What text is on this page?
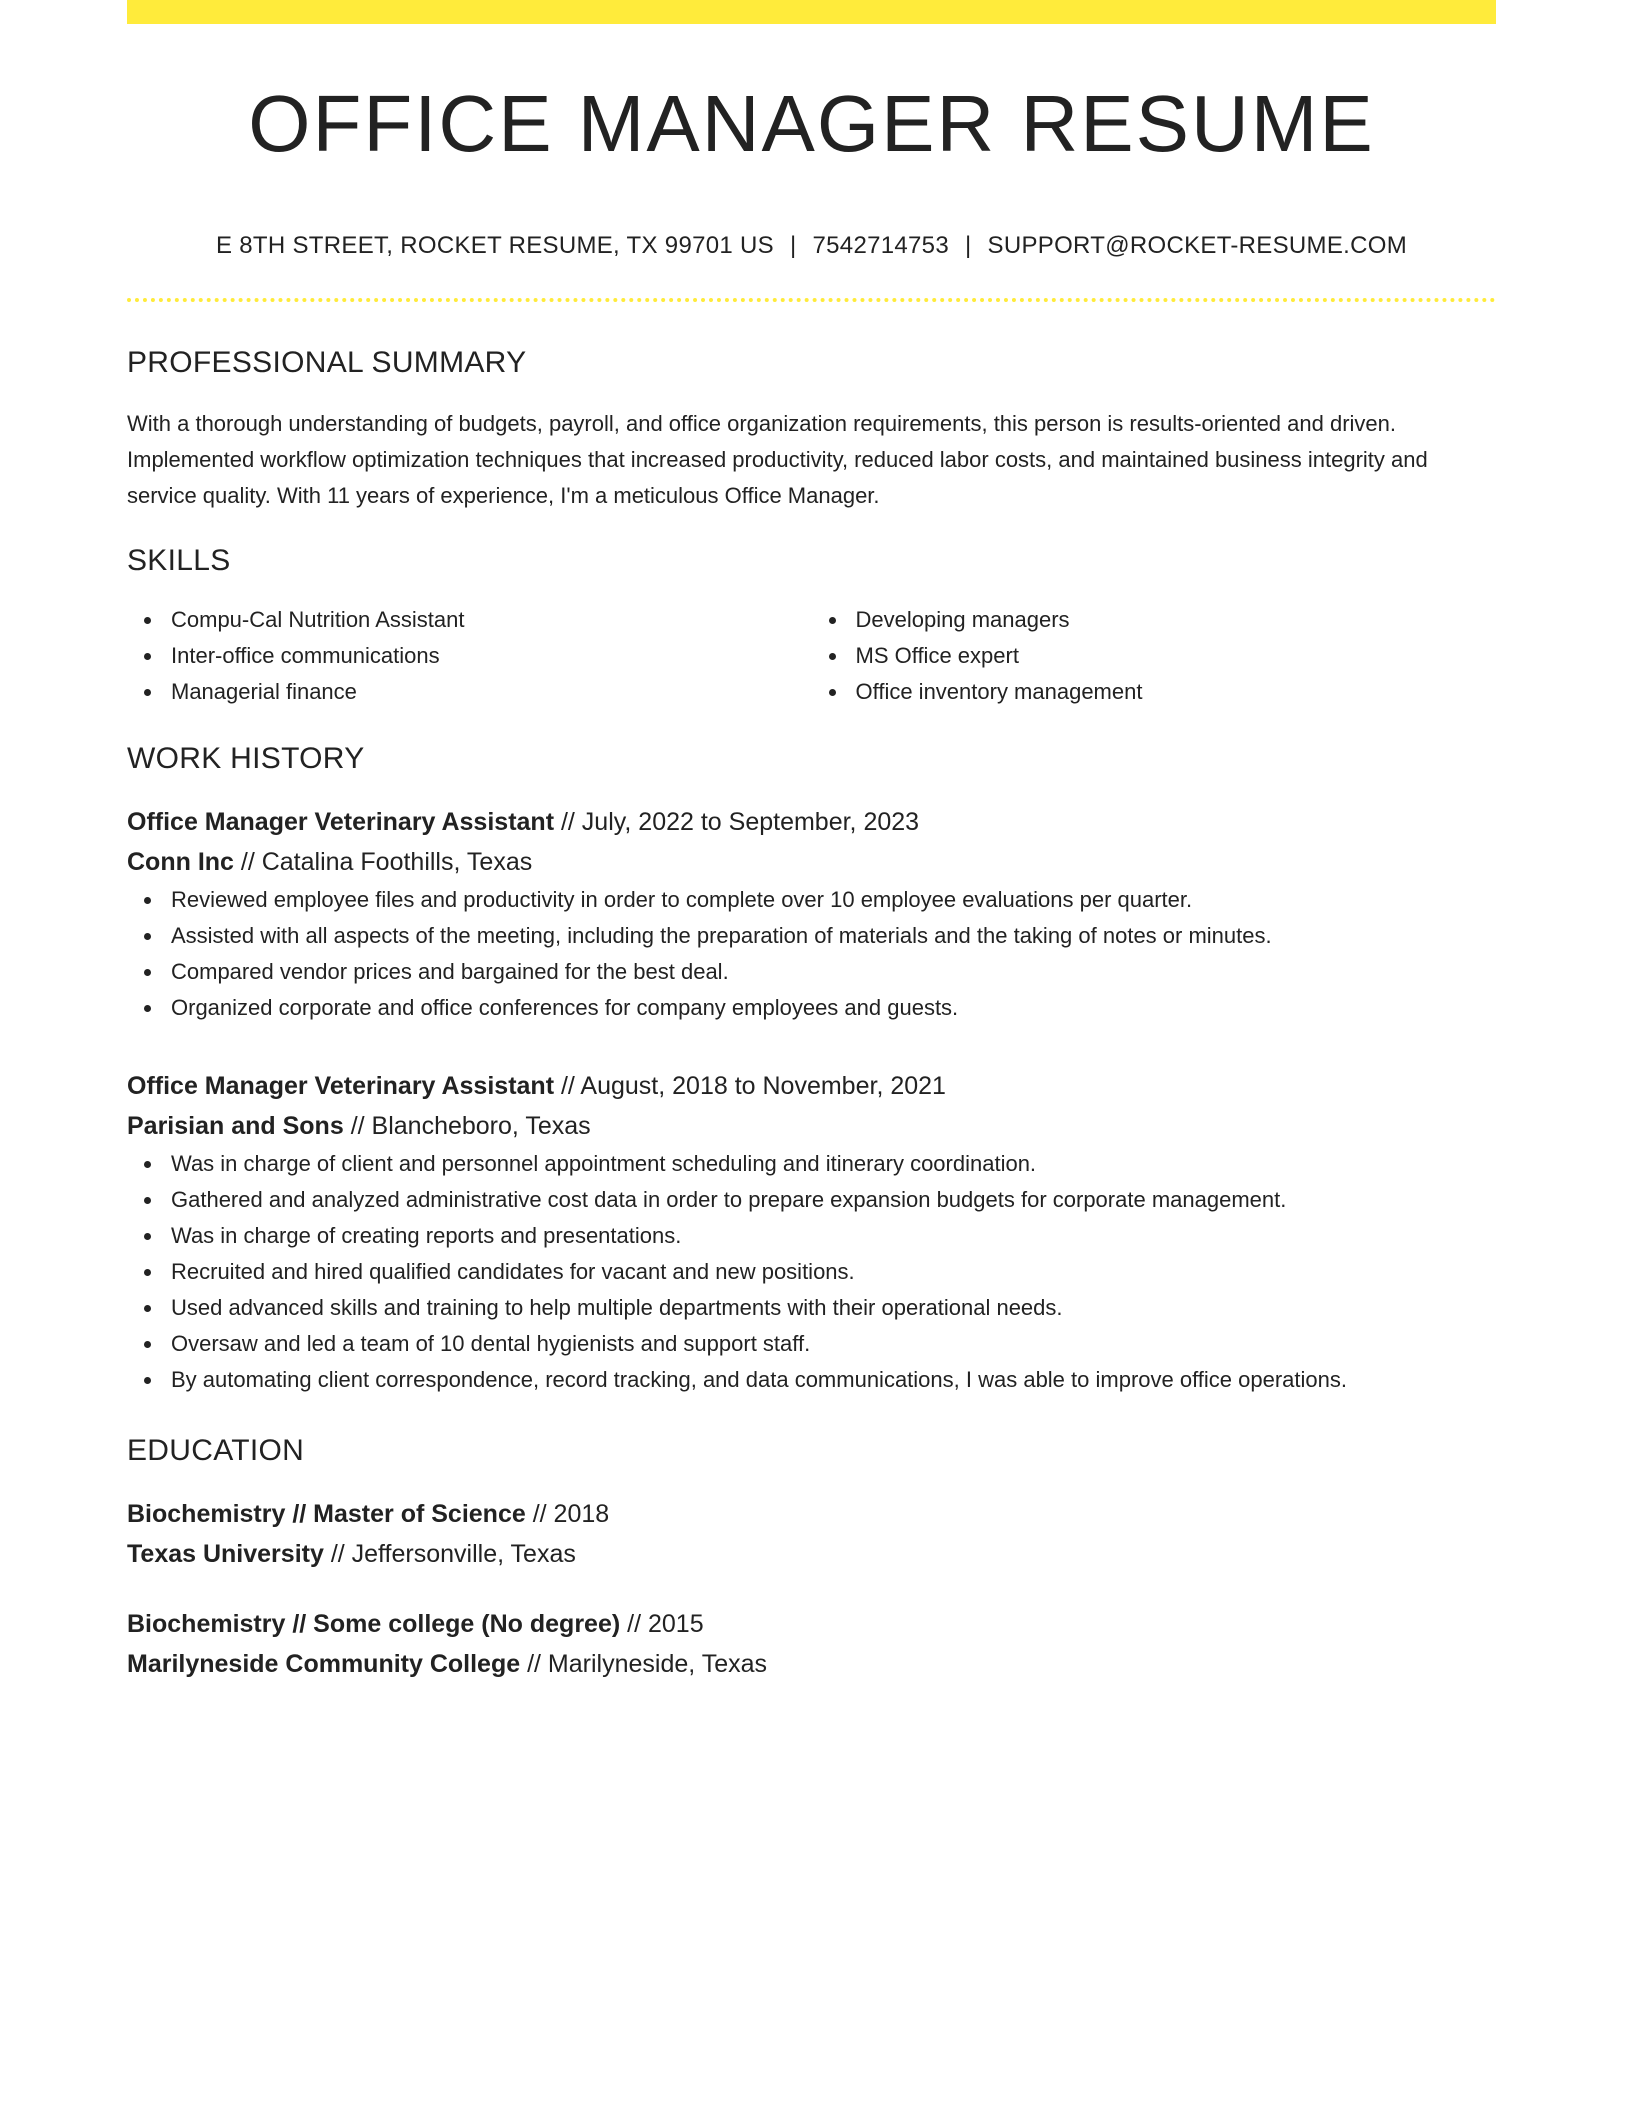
OFFICE MANAGER RESUME
E 8TH STREET, ROCKET RESUME, TX 99701 US | 7542714753 | SUPPORT@ROCKET-RESUME.COM
PROFESSIONAL SUMMARY
With a thorough understanding of budgets, payroll, and office organization requirements, this person is results-oriented and driven. Implemented workflow optimization techniques that increased productivity, reduced labor costs, and maintained business integrity and service quality. With 11 years of experience, I'm a meticulous Office Manager.
SKILLS
Compu-Cal Nutrition Assistant
Inter-office communications
Managerial finance
Developing managers
MS Office expert
Office inventory management
WORK HISTORY
Office Manager Veterinary Assistant // July, 2022 to September, 2023
Conn Inc // Catalina Foothills, Texas
Reviewed employee files and productivity in order to complete over 10 employee evaluations per quarter.
Assisted with all aspects of the meeting, including the preparation of materials and the taking of notes or minutes.
Compared vendor prices and bargained for the best deal.
Organized corporate and office conferences for company employees and guests.
Office Manager Veterinary Assistant // August, 2018 to November, 2021
Parisian and Sons // Blancheboro, Texas
Was in charge of client and personnel appointment scheduling and itinerary coordination.
Gathered and analyzed administrative cost data in order to prepare expansion budgets for corporate management.
Was in charge of creating reports and presentations.
Recruited and hired qualified candidates for vacant and new positions.
Used advanced skills and training to help multiple departments with their operational needs.
Oversaw and led a team of 10 dental hygienists and support staff.
By automating client correspondence, record tracking, and data communications, I was able to improve office operations.
EDUCATION
Biochemistry // Master of Science // 2018
Texas University // Jeffersonville, Texas
Biochemistry // Some college (No degree) // 2015
Marilyneside Community College // Marilyneside, Texas
